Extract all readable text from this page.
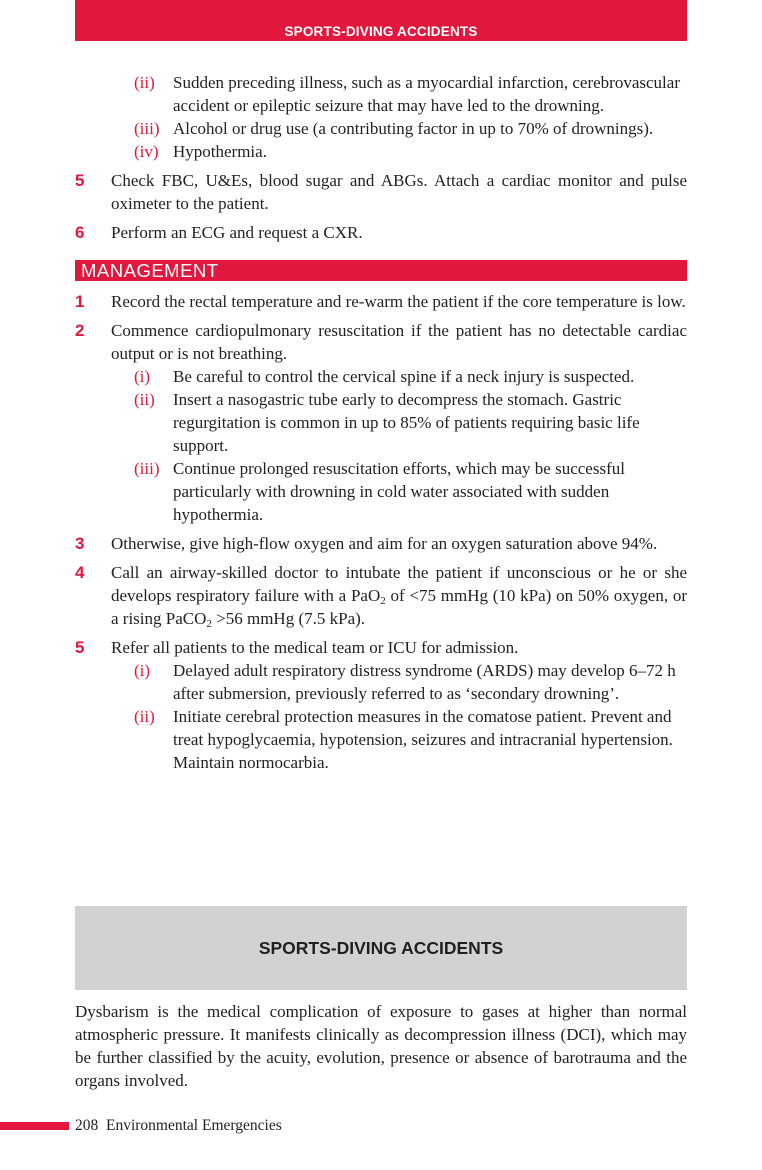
SPORTS-DIVING ACCIDENTS
(ii) Sudden preceding illness, such as a myocardial infarction, cerebrovascular accident or epileptic seizure that may have led to the drowning.
(iii) Alcohol or drug use (a contributing factor in up to 70% of drownings).
(iv) Hypothermia.
5 Check FBC, U&Es, blood sugar and ABGs. Attach a cardiac monitor and pulse oximeter to the patient.
6 Perform an ECG and request a CXR.
MANAGEMENT
1 Record the rectal temperature and re-warm the patient if the core temperature is low.
2 Commence cardiopulmonary resuscitation if the patient has no detectable cardiac output or is not breathing.
(i) Be careful to control the cervical spine if a neck injury is suspected.
(ii) Insert a nasogastric tube early to decompress the stomach. Gastric regurgitation is common in up to 85% of patients requiring basic life support.
(iii) Continue prolonged resuscitation efforts, which may be successful particularly with drowning in cold water associated with sudden hypothermia.
3 Otherwise, give high-flow oxygen and aim for an oxygen saturation above 94%.
4 Call an airway-skilled doctor to intubate the patient if unconscious or he or she develops respiratory failure with a PaO$_2$ of <75 mmHg (10 kPa) on 50% oxygen, or a rising PaCO$_2$ >56 mmHg (7.5 kPa).
5 Refer all patients to the medical team or ICU for admission.
(i) Delayed adult respiratory distress syndrome (ARDS) may develop 6–72 h after submersion, previously referred to as ‘secondary drowning’.
(ii) Initiate cerebral protection measures in the comatose patient. Prevent and treat hypoglycaemia, hypotension, seizures and intracranial hypertension. Maintain normocarbia.
SPORTS-DIVING ACCIDENTS
Dysbarism is the medical complication of exposure to gases at higher than normal atmospheric pressure. It manifests clinically as decompression illness (DCI), which may be further classified by the acuity, evolution, presence or absence of barotrauma and the organs involved.
208 Environmental Emergencies
